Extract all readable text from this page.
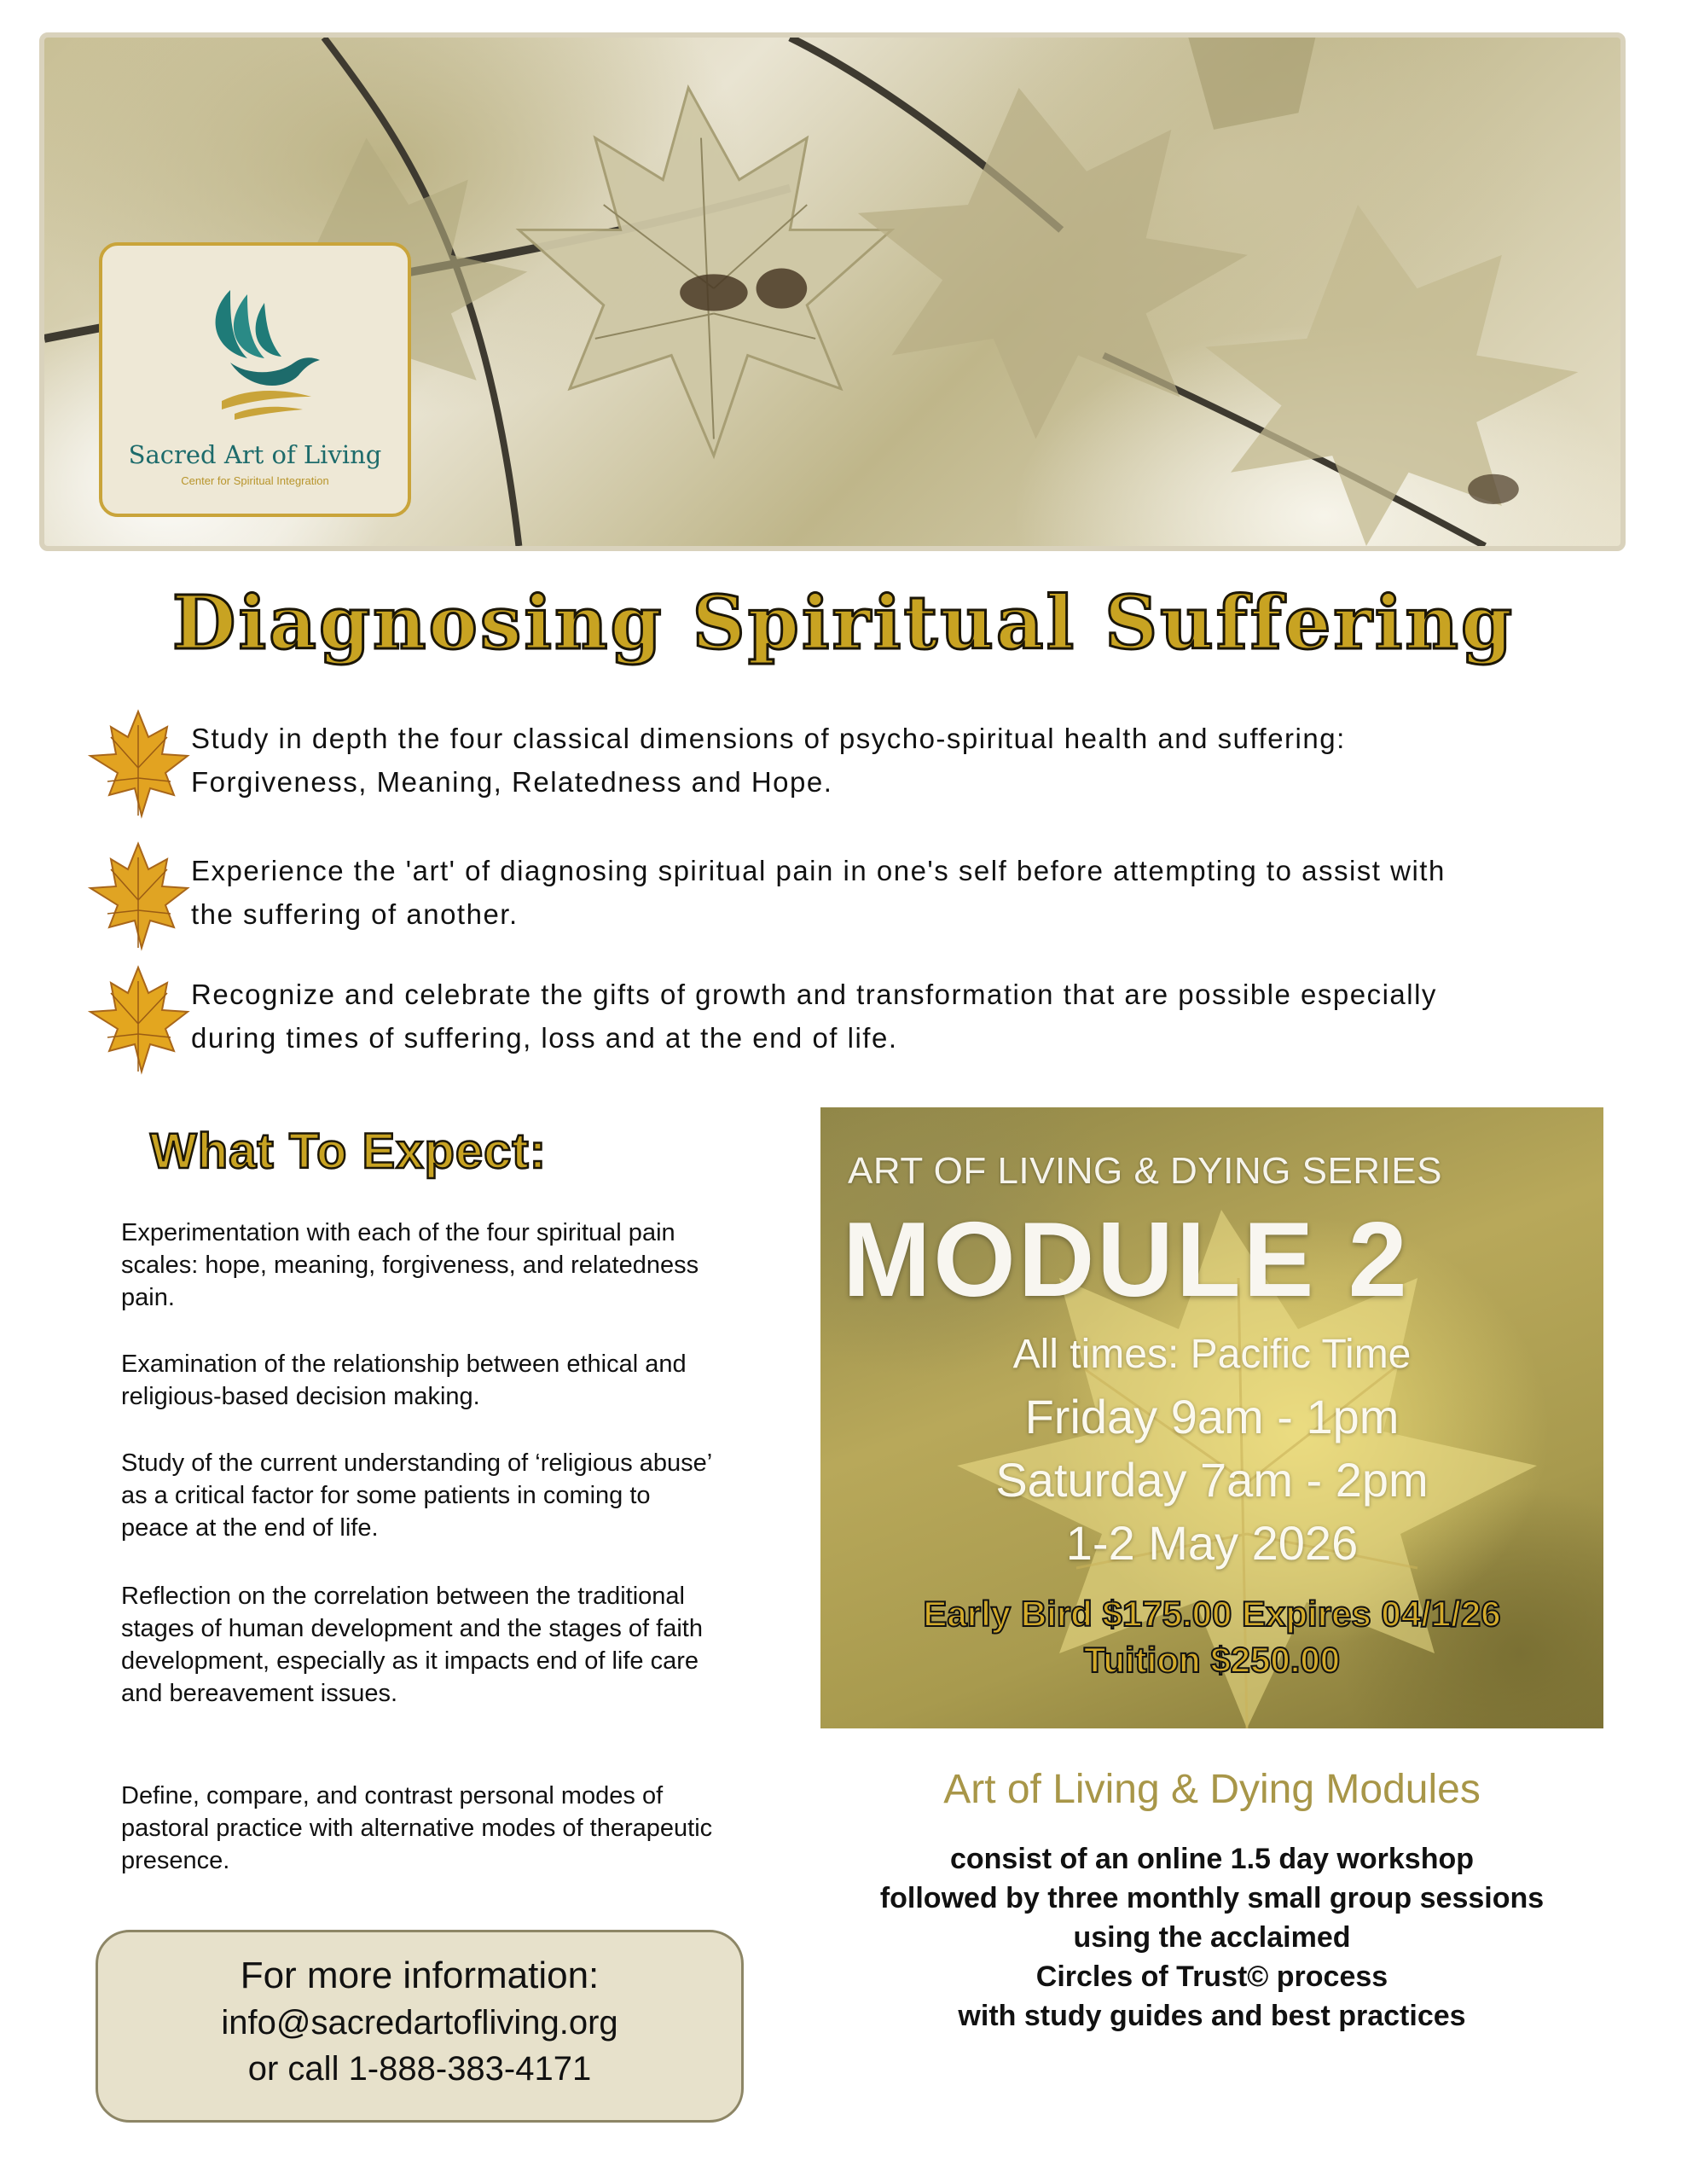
Sacred Art of Living
Center for Spiritual Integration
Diagnosing Spiritual Suffering
Study in depth the four classical dimensions of psycho-spiritual health and suffering:
Forgiveness, Meaning, Relatedness and Hope.
Experience the 'art' of diagnosing spiritual pain in one's self before attempting to assist with
the suffering of another.
Recognize and celebrate the gifts of growth and transformation that are possible especially
during times of suffering, loss and at the end of life.
What To Expect:
Experimentation with each of the four spiritual pain scales: hope, meaning, forgiveness, and relatedness pain.
Examination of the relationship between ethical and religious-based decision making.
Study of the current understanding of ‘religious abuse’ as a critical factor for some patients in coming to peace at the end of life.
Reflection on the correlation between the traditional stages of human development and the stages of faith development, especially as it impacts end of life care and bereavement issues.
Define, compare, and contrast personal modes of pastoral practice with alternative modes of therapeutic presence.
For more information:
info@sacredartofliving.org
or call 1-888-383-4171
ART OF LIVING & DYING SERIES
MODULE 2
All times: Pacific Time
Friday 9am - 1pm
Saturday 7am - 2pm
1-2 May 2026
Early Bird $175.00 Expires 04/1/26
Tuition $250.00
Art of Living & Dying Modules
consist of an online 1.5 day workshop
followed by three monthly small group sessions
using the acclaimed
Circles of Trust© process
with study guides and best practices
